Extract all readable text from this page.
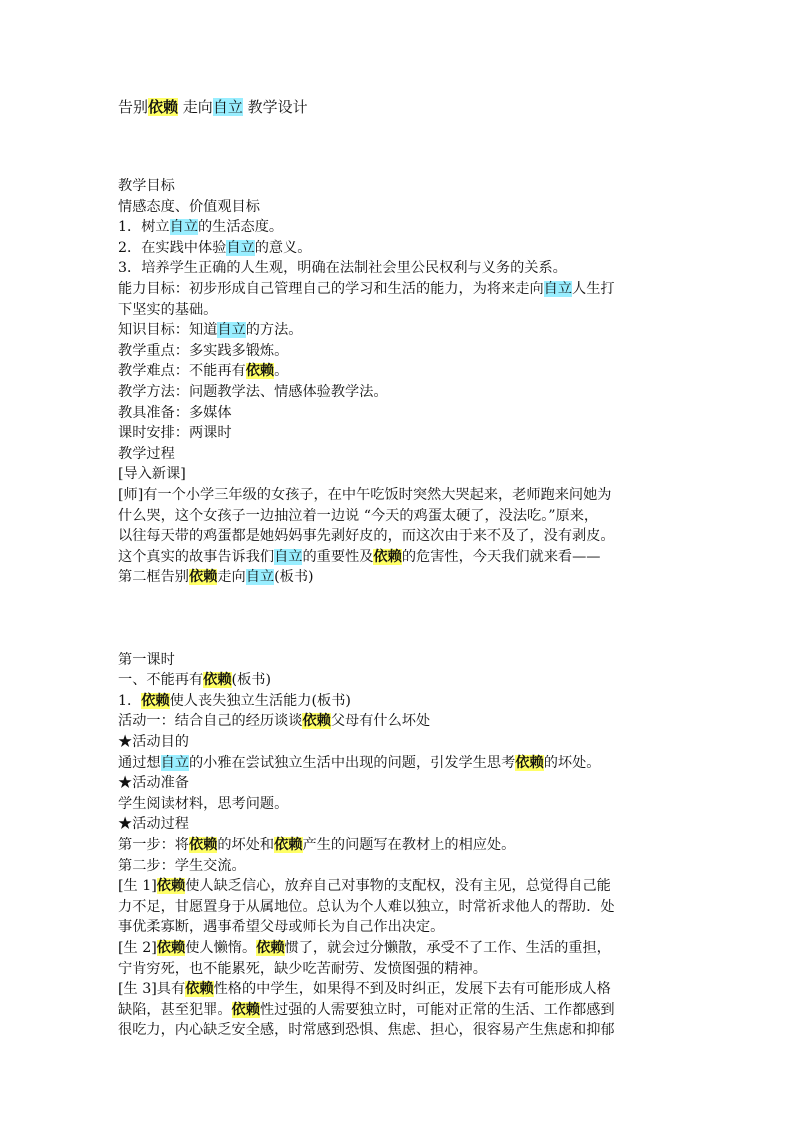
告别依赖 走向自立 教学设计
教学目标
情感态度、价值观目标
1．树立自立的生活态度。
2．在实践中体验自立的意义。
3．培养学生正确的人生观，明确在法制社会里公民权利与义务的关系。
能力目标：初步形成自己管理自己的学习和生活的能力，为将来走向自立人生打
下坚实的基础。
知识目标：知道自立的方法。
教学重点：多实践多锻炼。
教学难点：不能再有依赖。
教学方法：问题教学法、情感体验教学法。
教具准备：多媒体
课时安排：两课时
教学过程
[导入新课]
[师]有一个小学三年级的女孩子，在中午吃饭时突然大哭起来，老师跑来问她为
什么哭，这个女孩子一边抽泣着一边说 “今天的鸡蛋太硬了，没法吃。”原来，
以往每天带的鸡蛋都是她妈妈事先剥好皮的，而这次由于来不及了，没有剥皮。
这个真实的故事告诉我们自立的重要性及依赖的危害性，今天我们就来看——
第二框告别依赖走向自立(板书)
第一课时
一、不能再有依赖(板书)
1．依赖使人丧失独立生活能力(板书)
活动一：结合自己的经历谈谈依赖父母有什么坏处
★活动目的
通过想自立的小雅在尝试独立生活中出现的问题，引发学生思考依赖的坏处。
★活动准备
学生阅读材料，思考问题。
★活动过程
第一步：将依赖的坏处和依赖产生的问题写在教材上的相应处。
第二步：学生交流。
[生 1]依赖使人缺乏信心，放弃自己对事物的支配权，没有主见，总觉得自己能
力不足，甘愿置身于从属地位。总认为个人难以独立，时常祈求他人的帮助．处
事优柔寡断，遇事希望父母或师长为自己作出决定。
[生 2]依赖使人懒惰。依赖惯了，就会过分懒散，承受不了工作、生活的重担，
宁肯穷死，也不能累死，缺少吃苦耐劳、发愤图强的精神。
[生 3]具有依赖性格的中学生，如果得不到及时纠正，发展下去有可能形成人格
缺陷，甚至犯罪。依赖性过强的人需要独立时，可能对正常的生活、工作都感到
很吃力，内心缺乏安全感，时常感到恐惧、焦虑、担心，很容易产生焦虑和抑郁
